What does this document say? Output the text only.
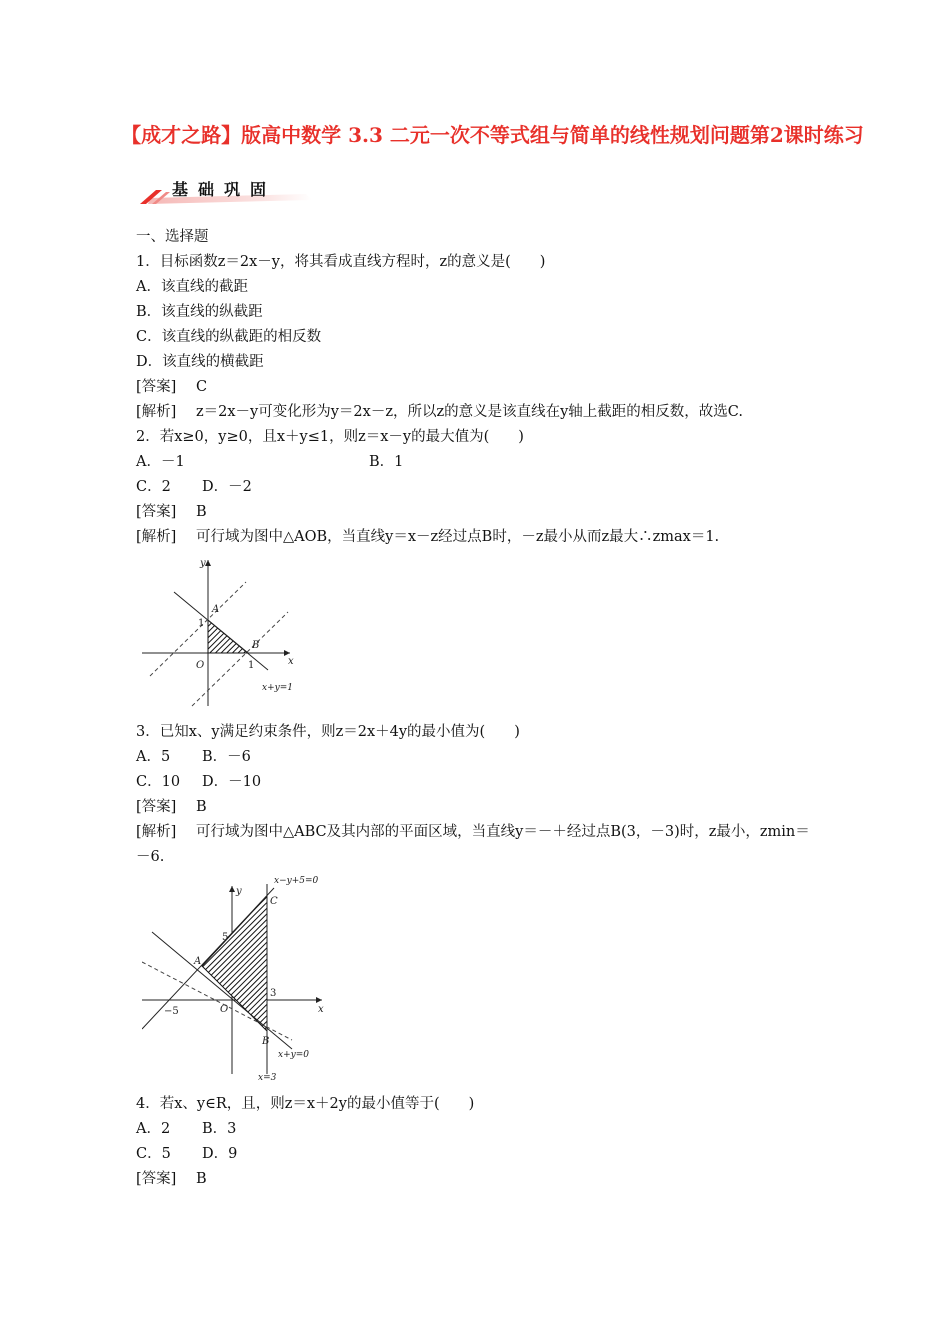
【成才之路】版高中数学 3.3 二元一次不等式组与简单的线性规划问题第2课时练习
基础巩固
一、选择题
1．目标函数z＝2x－y，将其看成直线方程时，z的意义是(　　)
A．该直线的截距
B．该直线的纵截距
C．该直线的纵截距的相反数
D．该直线的横截距
[答案] C
[解析] z＝2x－y可变化形为y＝2x－z，所以z的意义是该直线在y轴上截距的相反数，故选C.
2．若x≥0，y≥0，且x＋y≤1，则z＝x－y的最大值为(　　)
A．－1	B．1
C．2	D．－2
[答案] B
[解析] 可行域为图中△AOB，当直线y＝x－z经过点B时，－z最小从而z最大∴zmax＝1.
y
x
A
B
O
1
1
x+y=1
3．已知x、y满足约束条件，则z＝2x＋4y的最小值为(　　)
A．5	B．－6
C．10	D．－10
[答案] B
[解析] 可行域为图中△ABC及其内部的平面区域，当直线y＝－＋经过点B(3，－3)时，z最小，zmin＝－6.
y
x
A
B
C
O
5
−5
3
x−y+5=0
x+y=0
x=3
4．若x、y∈R，且，则z＝x＋2y的最小值等于(　　)
A．2	B．3
C．5	D．9
[答案] B
